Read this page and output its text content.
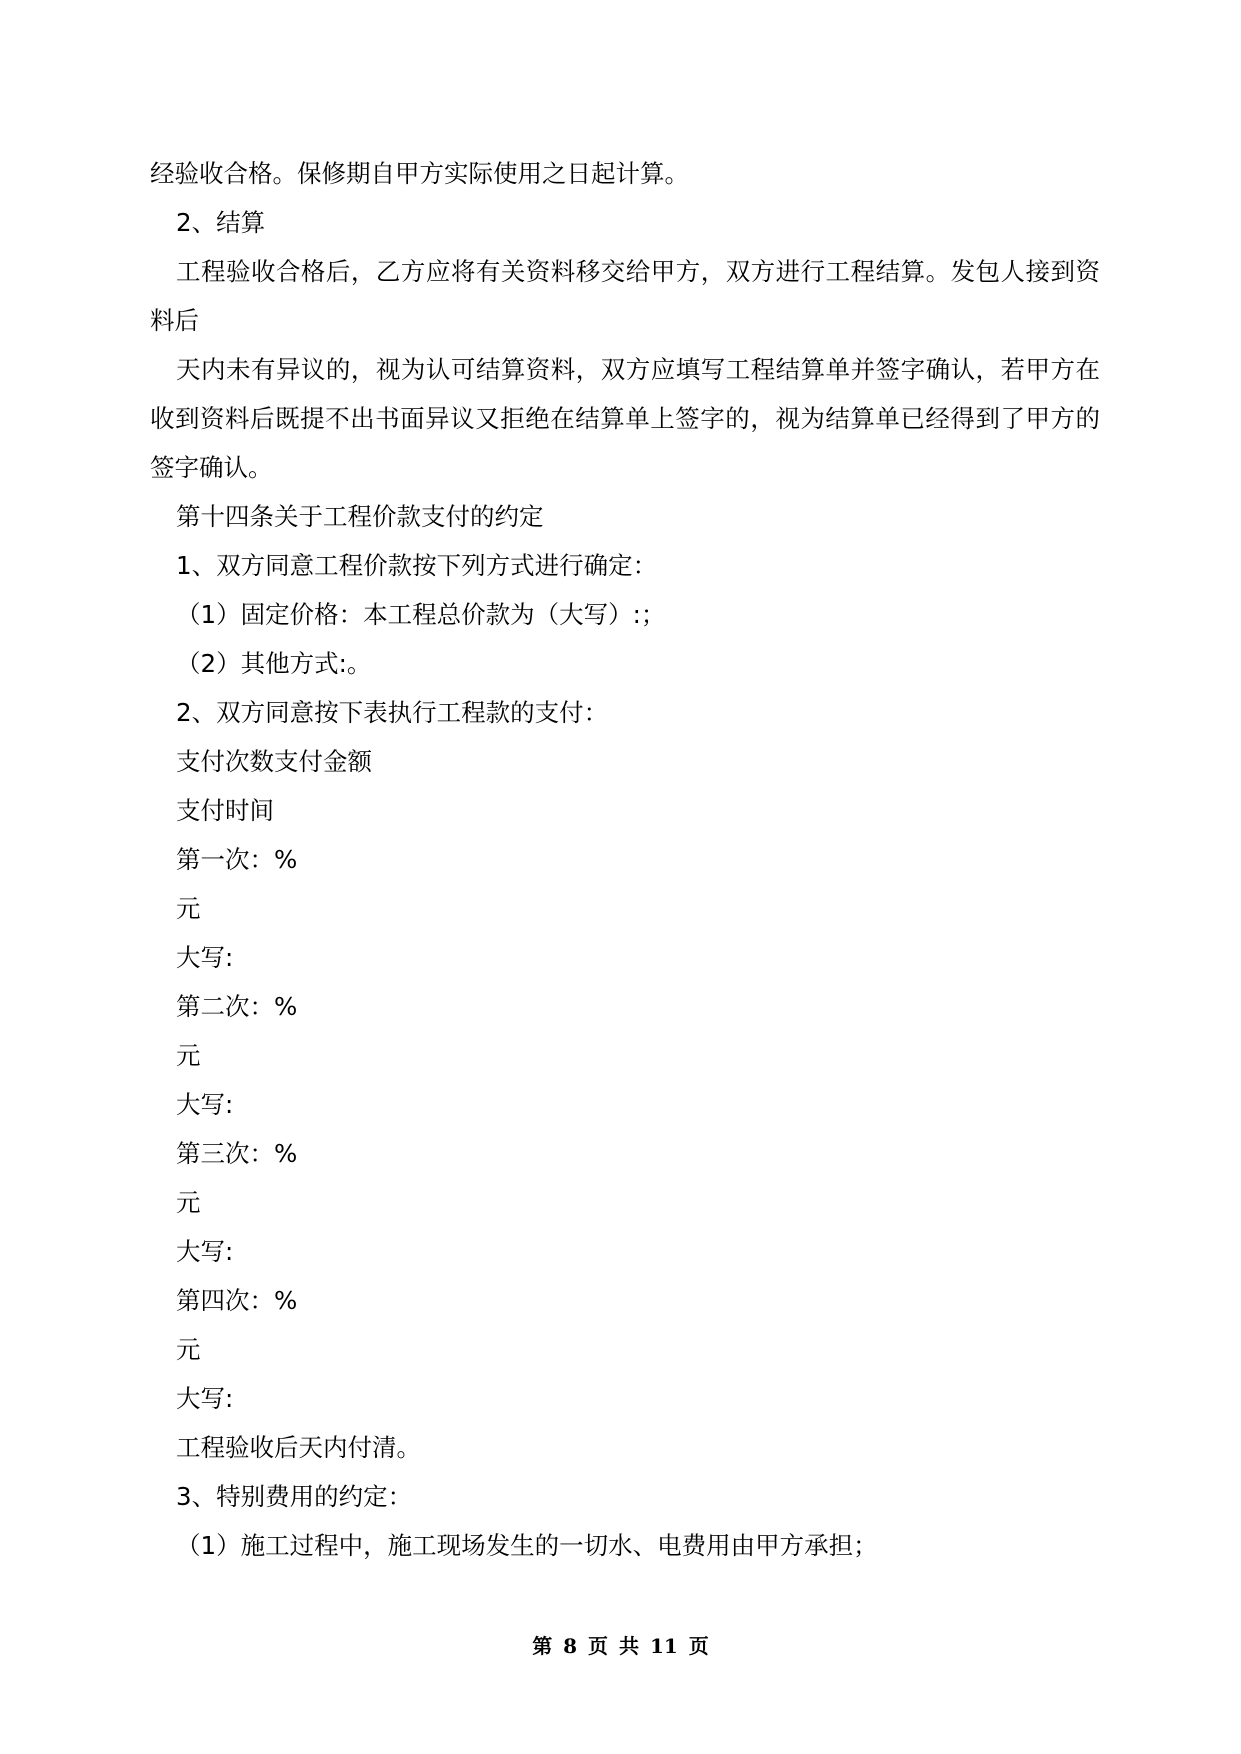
经验收合格。保修期自甲方实际使用之日起计算。
2、结算
工程验收合格后，乙方应将有关资料移交给甲方，双方进行工程结算。发包人接到资料后
天内未有异议的，视为认可结算资料，双方应填写工程结算单并签字确认，若甲方在收到资料后既提不出书面异议又拒绝在结算单上签字的，视为结算单已经得到了甲方的签字确认。
第十四条关于工程价款支付的约定
1、双方同意工程价款按下列方式进行确定：
（1）固定价格：本工程总价款为（大写）:；
（2）其他方式:。
2、双方同意按下表执行工程款的支付：
支付次数支付金额
支付时间
第一次：%
元
大写:
第二次：%
元
大写:
第三次：%
元
大写:
第四次：%
元
大写:
工程验收后天内付清。
3、特别费用的约定：
（1）施工过程中，施工现场发生的一切水、电费用由甲方承担；
第 8 页 共 11 页
